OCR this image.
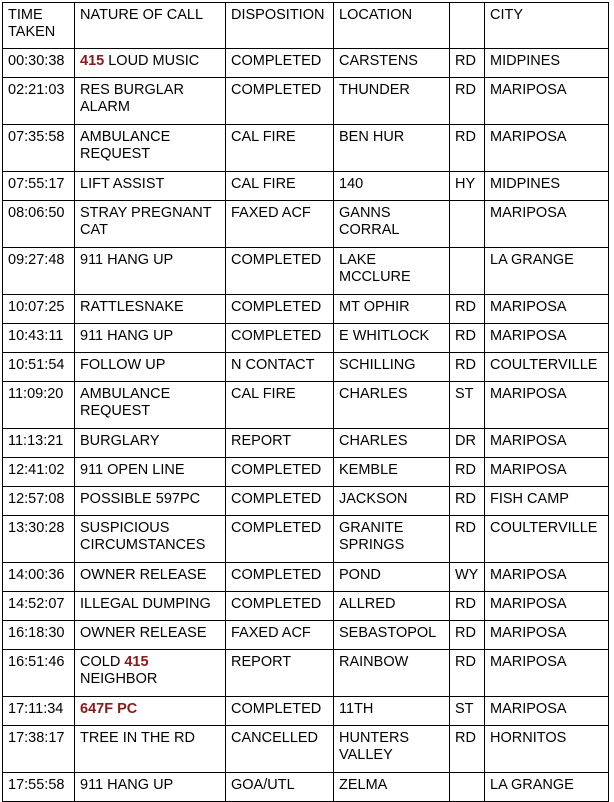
TIME TAKEN	NATURE OF CALL	DISPOSITION	LOCATION		CITY
00:30:38	415 LOUD MUSIC	COMPLETED	CARSTENS	RD	MIDPINES
02:21:03	RES BURGLAR ALARM	COMPLETED	THUNDER	RD	MARIPOSA
07:35:58	AMBULANCE REQUEST	CAL FIRE	BEN HUR	RD	MARIPOSA
07:55:17	LIFT ASSIST	CAL FIRE	140	HY	MIDPINES
08:06:50	STRAY PREGNANT CAT	FAXED ACF	GANNS CORRAL		MARIPOSA
09:27:48	911 HANG UP	COMPLETED	LAKE MCCLURE		LA GRANGE
10:07:25	RATTLESNAKE	COMPLETED	MT OPHIR	RD	MARIPOSA
10:43:11	911 HANG UP	COMPLETED	E WHITLOCK	RD	MARIPOSA
10:51:54	FOLLOW UP	N CONTACT	SCHILLING	RD	COULTERVILLE
11:09:20	AMBULANCE REQUEST	CAL FIRE	CHARLES	ST	MARIPOSA
11:13:21	BURGLARY	REPORT	CHARLES	DR	MARIPOSA
12:41:02	911 OPEN LINE	COMPLETED	KEMBLE	RD	MARIPOSA
12:57:08	POSSIBLE 597PC	COMPLETED	JACKSON	RD	FISH CAMP
13:30:28	SUSPICIOUS CIRCUMSTANCES	COMPLETED	GRANITE SPRINGS	RD	COULTERVILLE
14:00:36	OWNER RELEASE	COMPLETED	POND	WY	MARIPOSA
14:52:07	ILLEGAL DUMPING	COMPLETED	ALLRED	RD	MARIPOSA
16:18:30	OWNER RELEASE	FAXED ACF	SEBASTOPOL	RD	MARIPOSA
16:51:46	COLD 415 NEIGHBOR	REPORT	RAINBOW	RD	MARIPOSA
17:11:34	647F PC	COMPLETED	11TH	ST	MARIPOSA
17:38:17	TREE IN THE RD	CANCELLED	HUNTERS VALLEY	RD	HORNITOS
17:55:58	911 HANG UP	GOA/UTL	ZELMA		LA GRANGE
